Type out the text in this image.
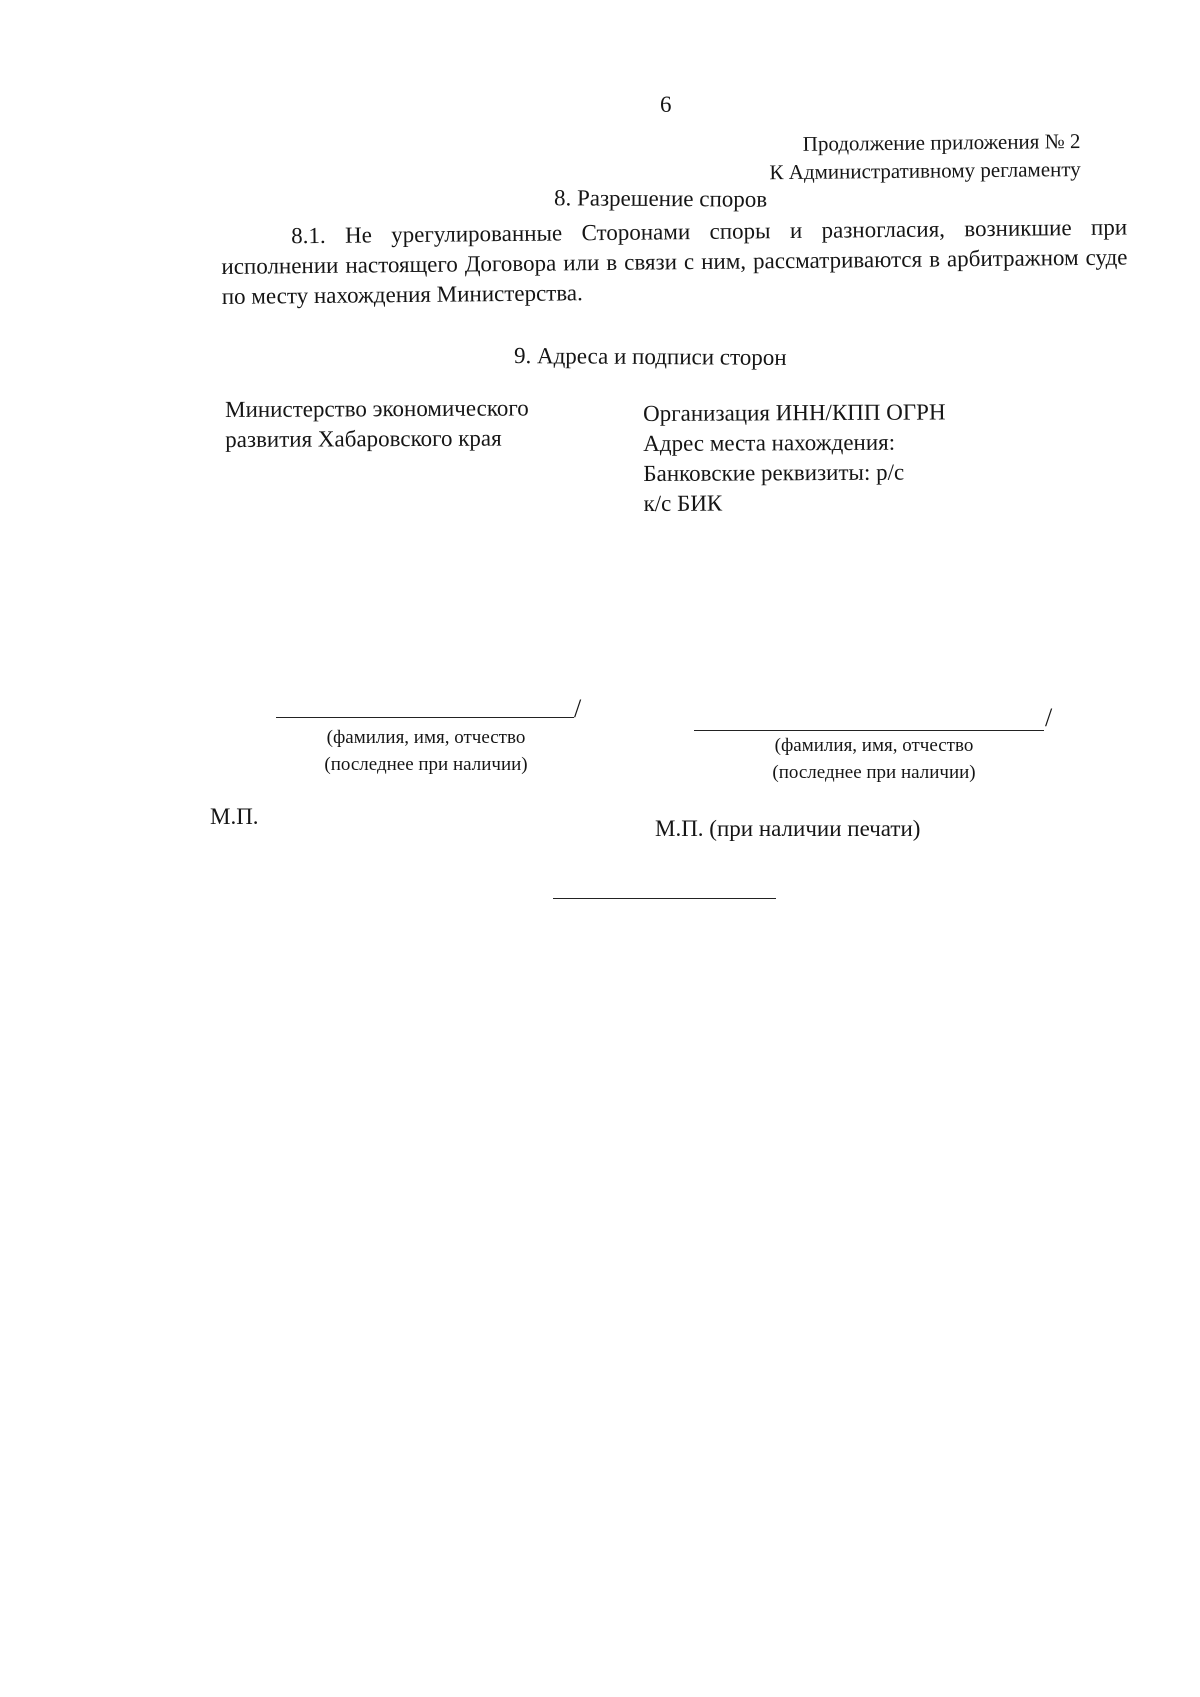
6
Продолжение приложения № 2
К Административному регламенту
8. Разрешение споров
8.1. Не урегулированные Сторонами споры и разногласия, возникшие при исполнении настоящего Договора или в связи с ним, рассматриваются в арбитражном суде по месту нахождения Министерства.
9. Адреса и подписи сторон
Министерство экономического
развития Хабаровского края
Организация ИНН/КПП ОГРН
Адрес места нахождения:
Банковские реквизиты: р/с
к/с БИК
/
(фамилия, имя, отчество
(последнее при наличии)
/
(фамилия, имя, отчество
(последнее при наличии)
М.П.	М.П. (при наличии печати)
